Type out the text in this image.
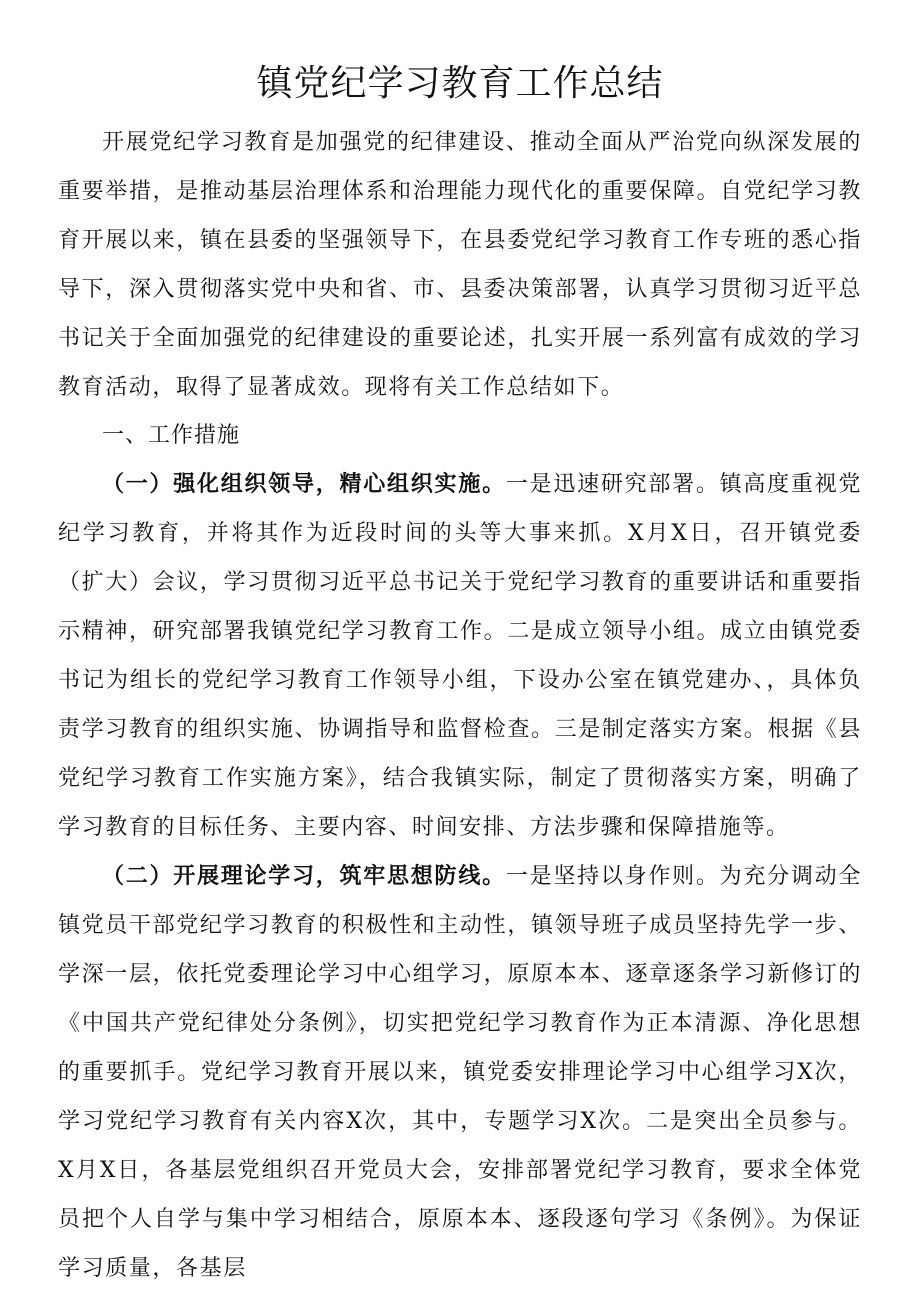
镇党纪学习教育工作总结

开展党纪学习教育是加强党的纪律建设、推动全面从严治党向纵深发展的重要举措，是推动基层治理体系和治理能力现代化的重要保障。自党纪学习教育开展以来，镇在县委的坚强领导下，在县委党纪学习教育工作专班的悉心指导下，深入贯彻落实党中央和省、市、县委决策部署，认真学习贯彻习近平总书记关于全面加强党的纪律建设的重要论述，扎实开展一系列富有成效的学习教育活动，取得了显著成效。现将有关工作总结如下。

一、工作措施

（一）强化组织领导，精心组织实施。一是迅速研究部署。镇高度重视党纪学习教育，并将其作为近段时间的头等大事来抓。X月X日，召开镇党委（扩大）会议，学习贯彻习近平总书记关于党纪学习教育的重要讲话和重要指示精神，研究部署我镇党纪学习教育工作。二是成立领导小组。成立由镇党委书记为组长的党纪学习教育工作领导小组，下设办公室在镇党建办、，具体负责学习教育的组织实施、协调指导和监督检查。三是制定落实方案。根据《县党纪学习教育工作实施方案》，结合我镇实际，制定了贯彻落实方案，明确了学习教育的目标任务、主要内容、时间安排、方法步骤和保障措施等。

（二）开展理论学习，筑牢思想防线。一是坚持以身作则。为充分调动全镇党员干部党纪学习教育的积极性和主动性，镇领导班子成员坚持先学一步、学深一层，依托党委理论学习中心组学习，原原本本、逐章逐条学习新修订的《中国共产党纪律处分条例》，切实把党纪学习教育作为正本清源、净化思想的重要抓手。党纪学习教育开展以来，镇党委安排理论学习中心组学习X次，学习党纪学习教育有关内容X次，其中，专题学习X次。二是突出全员参与。X月X日，各基层党组织召开党员大会，安排部署党纪学习教育，要求全体党员把个人自学与集中学习相结合，原原本本、逐段逐句学习《条例》。为保证学习质量，各基层
